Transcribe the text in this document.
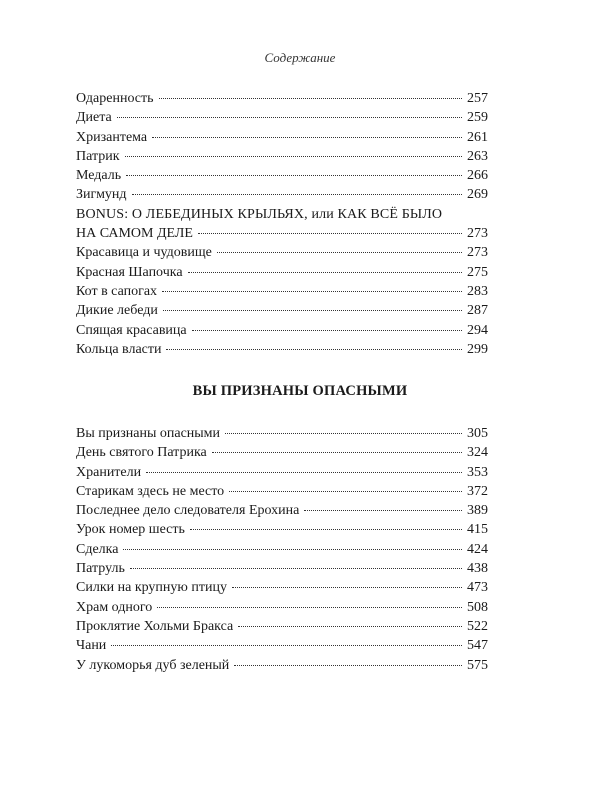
Содержание
Одаренность	257
Диета	259
Хризантема	261
Патрик	263
Медаль	266
Зигмунд	269
BONUS: О ЛЕБЕДИНЫХ КРЫЛЬЯХ, или КАК ВСЁ БЫЛО
НА САМОМ ДЕЛЕ	273
Красавица и чудовище	273
Красная Шапочка	275
Кот в сапогах	283
Дикие лебеди	287
Спящая красавица	294
Кольца власти	299
ВЫ ПРИЗНАНЫ ОПАСНЫМИ
Вы признаны опасными	305
День святого Патрика	324
Хранители	353
Старикам здесь не место	372
Последнее дело следователя Ерохина	389
Урок номер шесть	415
Сделка	424
Патруль	438
Силки на крупную птицу	473
Храм одного	508
Проклятие Хольми Бракса	522
Чани	547
У лукоморья дуб зеленый	575
